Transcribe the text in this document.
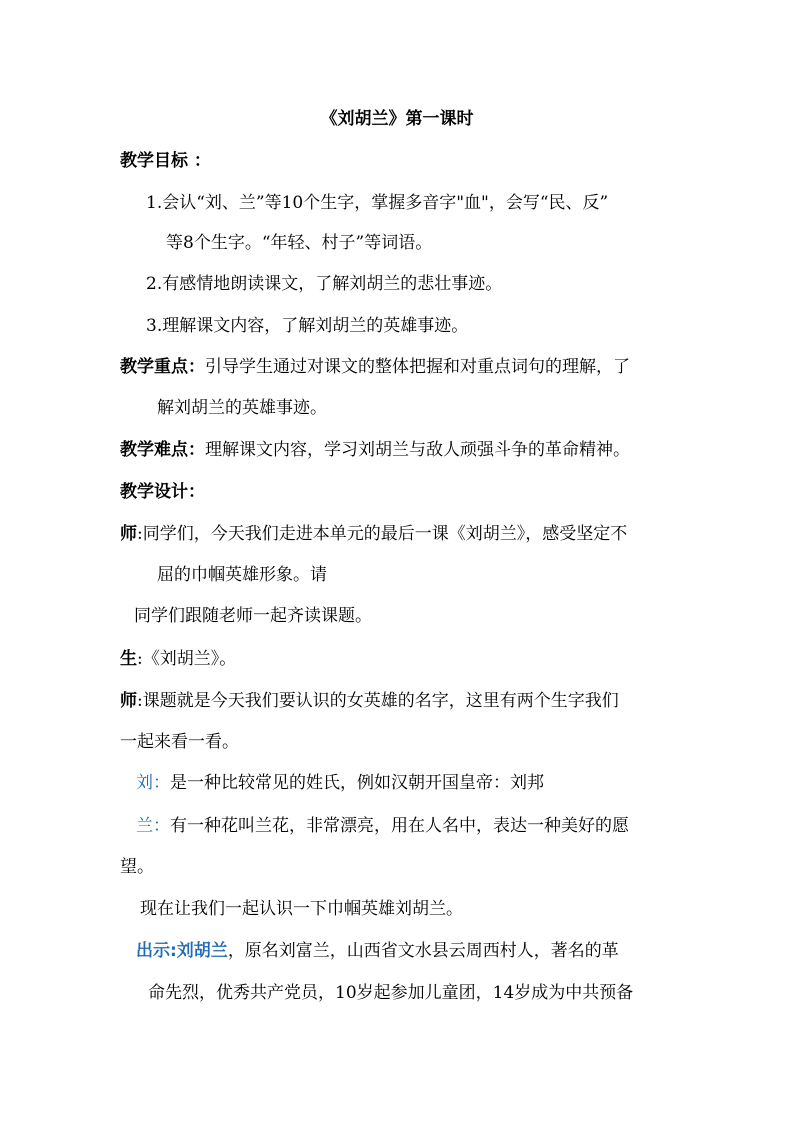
《刘胡兰》第一课时
教学目标 ：
1.会认“刘、兰”等10个生字，掌握多音字"血"，会写“民、反”
等8个生字。“年轻、村子”等词语。
2.有感情地朗读课文，了解刘胡兰的悲壮事迹。
3.理解课文内容，了解刘胡兰的英雄事迹。
教学重点：引导学生通过对课文的整体把握和对重点词句的理解，了
解刘胡兰的英雄事迹。
教学难点：理解课文内容，学习刘胡兰与敌人顽强斗争的革命精神。
教学设计：
师:同学们，今天我们走进本单元的最后一课《刘胡兰》，感受坚定不
屈的巾帼英雄形象。请
同学们跟随老师一起齐读课题。
生:《刘胡兰》。
师:课题就是今天我们要认识的女英雄的名字，这里有两个生字我们
一起来看一看。
刘：是一种比较常见的姓氏，例如汉朝开国皇帝：刘邦
兰：有一种花叫兰花，非常漂亮，用在人名中，表达一种美好的愿
望。
现在让我们一起认识一下巾帼英雄刘胡兰。
出示:刘胡兰，原名刘富兰，山西省文水县云周西村人，著名的革
命先烈，优秀共产党员，10岁起参加儿童团，14岁成为中共预备
